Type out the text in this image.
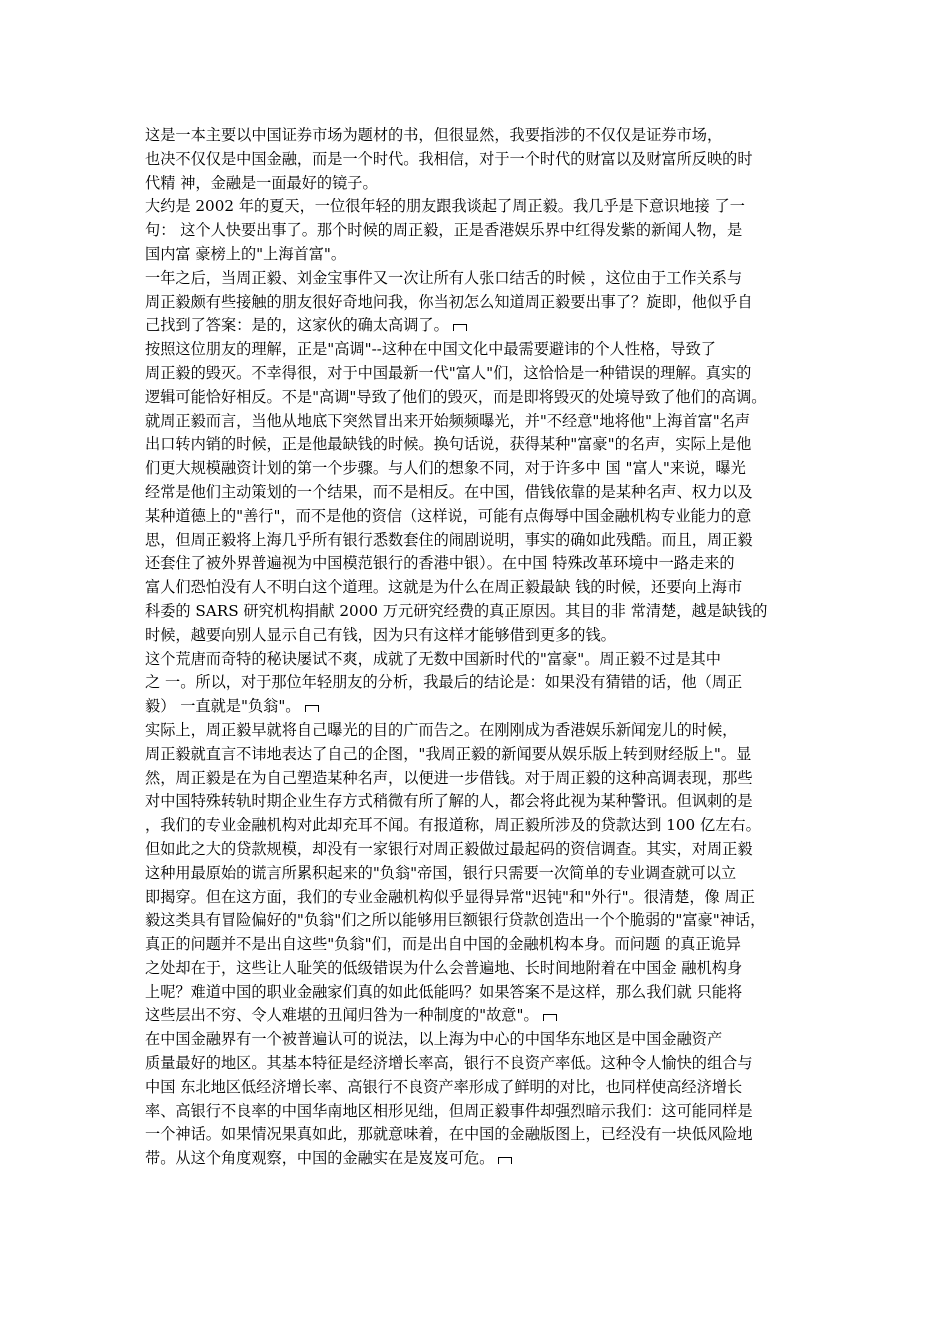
这是一本主要以中国证券市场为题材的书，但很显然，我要指涉的不仅仅是证券市场，
也决不仅仅是中国金融，而是一个时代。我相信，对于一个时代的财富以及财富所反映的时
代精 神，金融是一面最好的镜子。

大约是 2002 年的夏天，一位很年轻的朋友跟我谈起了周正毅。我几乎是下意识地接 了一
句： 这个人快要出事了。那个时候的周正毅，正是香港娱乐界中红得发紫的新闻人物，是
国内富 豪榜上的"上海首富"。

一年之后，当周正毅、刘金宝事件又一次让所有人张口结舌的时候 ，这位由于工作关系与
周正毅颇有些接触的朋友很好奇地问我，你当初怎么知道周正毅要出事了？旋即，他似乎自
己找到了答案：是的，这家伙的确太高调了。

按照这位朋友的理解，正是"高调"--这种在中国文化中最需要避讳的个人性格，导致了
周正毅的毁灭。不幸得很，对于中国最新一代"富人"们，这恰恰是一种错误的理解。真实的
逻辑可能恰好相反。不是"高调"导致了他们的毁灭，而是即将毁灭的处境导致了他们的高调。
就周正毅而言，当他从地底下突然冒出来开始频频曝光，并"不经意"地将他"上海首富"名声
出口转内销的时候，正是他最缺钱的时候。换句话说，获得某种"富豪"的名声，实际上是他
们更大规模融资计划的第一个步骤。与人们的想象不同，对于许多中 国 "富人"来说，曝光
经常是他们主动策划的一个结果，而不是相反。在中国，借钱依靠的是某种名声、权力以及
某种道德上的"善行"，而不是他的资信（这样说，可能有点侮辱中国金融机构专业能力的意
思，但周正毅将上海几乎所有银行悉数套住的闹剧说明，事实的确如此残酷。而且，周正毅
还套住了被外界普遍视为中国模范银行的香港中银）。在中国 特殊改革环境中一路走来的
富人们恐怕没有人不明白这个道理。这就是为什么在周正毅最缺 钱的时候，还要向上海市
科委的 SARS 研究机构捐献 2000 万元研究经费的真正原因。其目的非 常清楚，越是缺钱的
时候，越要向别人显示自己有钱，因为只有这样才能够借到更多的钱。

这个荒唐而奇特的秘诀屡试不爽，成就了无数中国新时代的"富豪"。周正毅不过是其中
之 一。所以，对于那位年轻朋友的分析，我最后的结论是：如果没有猜错的话，他（周正
毅） 一直就是"负翁"。

实际上，周正毅早就将自己曝光的目的广而告之。在刚刚成为香港娱乐新闻宠儿的时候，
周正毅就直言不讳地表达了自己的企图，"我周正毅的新闻要从娱乐版上转到财经版上"。显
然，周正毅是在为自己塑造某种名声，以便进一步借钱。对于周正毅的这种高调表现，那些
对中国特殊转轨时期企业生存方式稍微有所了解的人，都会将此视为某种警讯。但讽刺的是
，我们的专业金融机构对此却充耳不闻。有报道称，周正毅所涉及的贷款达到 100 亿左右。
但如此之大的贷款规模，却没有一家银行对周正毅做过最起码的资信调查。其实，对周正毅
这种用最原始的谎言所累积起来的"负翁"帝国，银行只需要一次简单的专业调查就可以立
即揭穿。但在这方面，我们的专业金融机构似乎显得异常"迟钝"和"外行"。很清楚，像 周正
毅这类具有冒险偏好的"负翁"们之所以能够用巨额银行贷款创造出一个个脆弱的"富豪"神话，
真正的问题并不是出自这些"负翁"们，而是出自中国的金融机构本身。而问题 的真正诡异
之处却在于，这些让人耻笑的低级错误为什么会普遍地、长时间地附着在中国金 融机构身
上呢？难道中国的职业金融家们真的如此低能吗？如果答案不是这样，那么我们就 只能将
这些层出不穷、令人难堪的丑闻归咎为一种制度的"故意"。

在中国金融界有一个被普遍认可的说法，以上海为中心的中国华东地区是中国金融资产
质量最好的地区。其基本特征是经济增长率高，银行不良资产率低。这种令人愉快的组合与
中国 东北地区低经济增长率、高银行不良资产率形成了鲜明的对比，也同样使高经济增长
率、高银行不良率的中国华南地区相形见绌，但周正毅事件却强烈暗示我们：这可能同样是
一个神话。如果情况果真如此，那就意味着，在中国的金融版图上，已经没有一块低风险地
带。从这个角度观察，中国的金融实在是岌岌可危。
